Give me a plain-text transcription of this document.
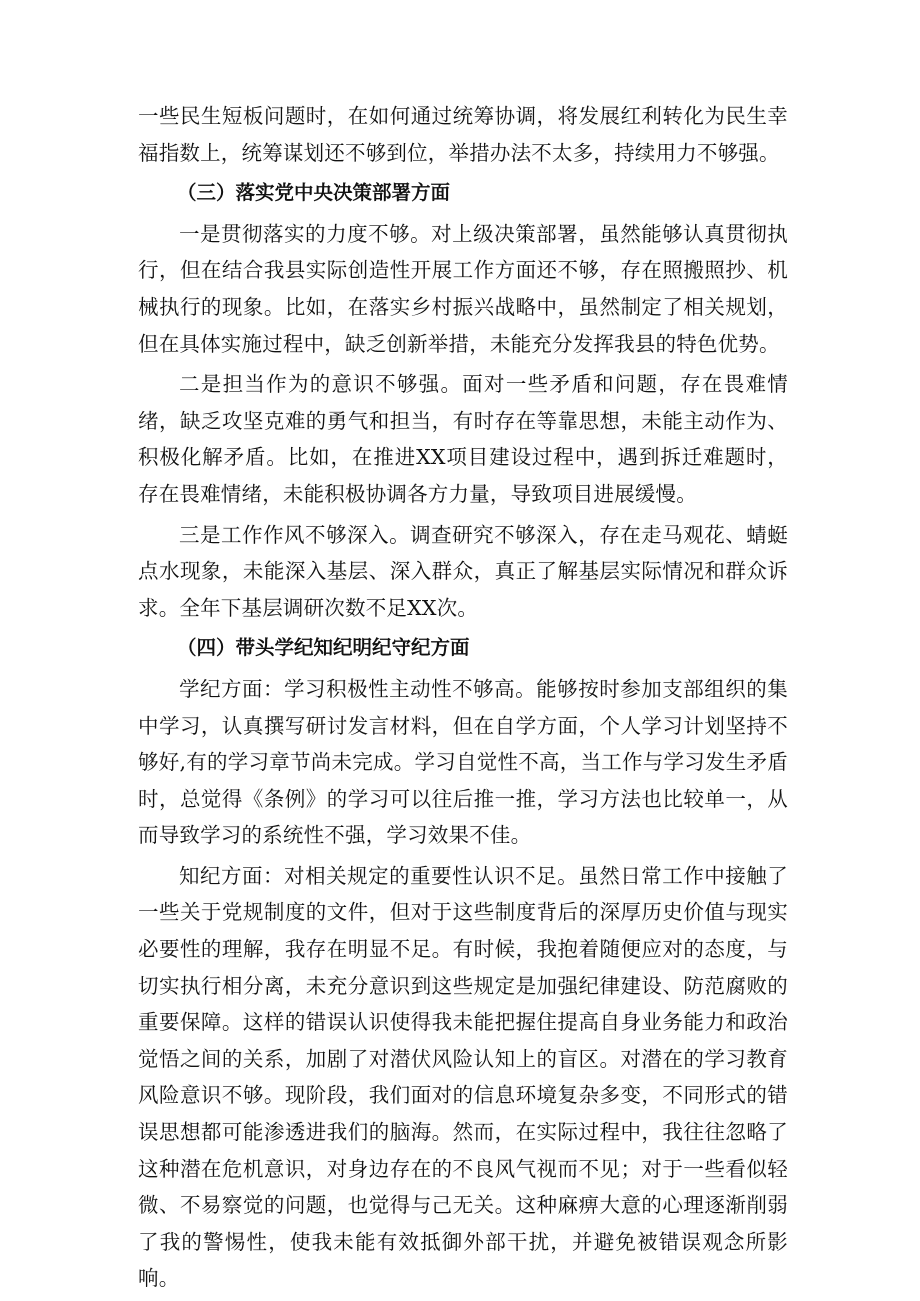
一些民生短板问题时，在如何通过统筹协调，将发展红利转化为民生幸福指数上，统筹谋划还不够到位，举措办法不太多，持续用力不够强。

（三）落实党中央决策部署方面

一是贯彻落实的力度不够。对上级决策部署，虽然能够认真贯彻执行，但在结合我县实际创造性开展工作方面还不够，存在照搬照抄、机械执行的现象。比如，在落实乡村振兴战略中，虽然制定了相关规划，但在具体实施过程中，缺乏创新举措，未能充分发挥我县的特色优势。

二是担当作为的意识不够强。面对一些矛盾和问题，存在畏难情绪，缺乏攻坚克难的勇气和担当，有时存在等靠思想，未能主动作为、积极化解矛盾。比如，在推进XX项目建设过程中，遇到拆迁难题时，存在畏难情绪，未能积极协调各方力量，导致项目进展缓慢。

三是工作作风不够深入。调查研究不够深入，存在走马观花、蜻蜓点水现象，未能深入基层、深入群众，真正了解基层实际情况和群众诉求。全年下基层调研次数不足XX次。

（四）带头学纪知纪明纪守纪方面

学纪方面：学习积极性主动性不够高。能够按时参加支部组织的集中学习，认真撰写研讨发言材料，但在自学方面，个人学习计划坚持不够好,有的学习章节尚未完成。学习自觉性不高，当工作与学习发生矛盾时，总觉得《条例》的学习可以往后推一推，学习方法也比较单一，从而导致学习的系统性不强，学习效果不佳。

知纪方面：对相关规定的重要性认识不足。虽然日常工作中接触了一些关于党规制度的文件，但对于这些制度背后的深厚历史价值与现实必要性的理解，我存在明显不足。有时候，我抱着随便应对的态度，与切实执行相分离，未充分意识到这些规定是加强纪律建设、防范腐败的重要保障。这样的错误认识使得我未能把握住提高自身业务能力和政治觉悟之间的关系，加剧了对潜伏风险认知上的盲区。对潜在的学习教育风险意识不够。现阶段，我们面对的信息环境复杂多变，不同形式的错误思想都可能渗透进我们的脑海。然而，在实际过程中，我往往忽略了这种潜在危机意识，对身边存在的不良风气视而不见；对于一些看似轻微、不易察觉的问题，也觉得与己无关。这种麻痹大意的心理逐渐削弱了我的警惕性，使我未能有效抵御外部干扰，并避免被错误观念所影响。
